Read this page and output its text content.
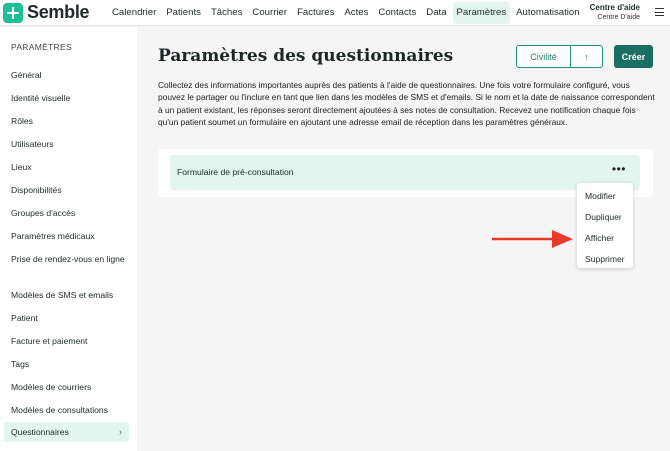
Semble	Calendrier	Patients	Tâches	Courrier	Factures	Actes	Contacts	Data	Paramètres	Automatisation	Centre d'aide
Centre D'aide
PARAMÈTRES
Général
Identité visuelle
Rôles
Utilisateurs
Lieux
Disponibilités
Groupes d'accès
Paramètres médicaux
Prise de rendez-vous en ligne
Modèles de SMS et emails
Patient
Facture et paiement
Tags
Modèles de courriers
Modèles de consultations
Questionnaires	›
Paramètres des questionnaires	Civilité	↑	Créer
Collectez des informations importantes auprès des patients à l'aide de questionnaires. Une fois votre formulaire configuré, vous pouvez le partager ou l'inclure en tant que lien dans les modèles de SMS et d'emails. Si le nom et la date de naissance correspondent à un patient existant, les réponses seront directement ajoutées à ses notes de consultation. Recevez une notification chaque fois qu'un patient soumet un formulaire en ajoutant une adresse email de réception dans les paramètres généraux.
Formulaire de pré-consultation	•••
Modifier
Dupliquer
Afficher
Supprimer
